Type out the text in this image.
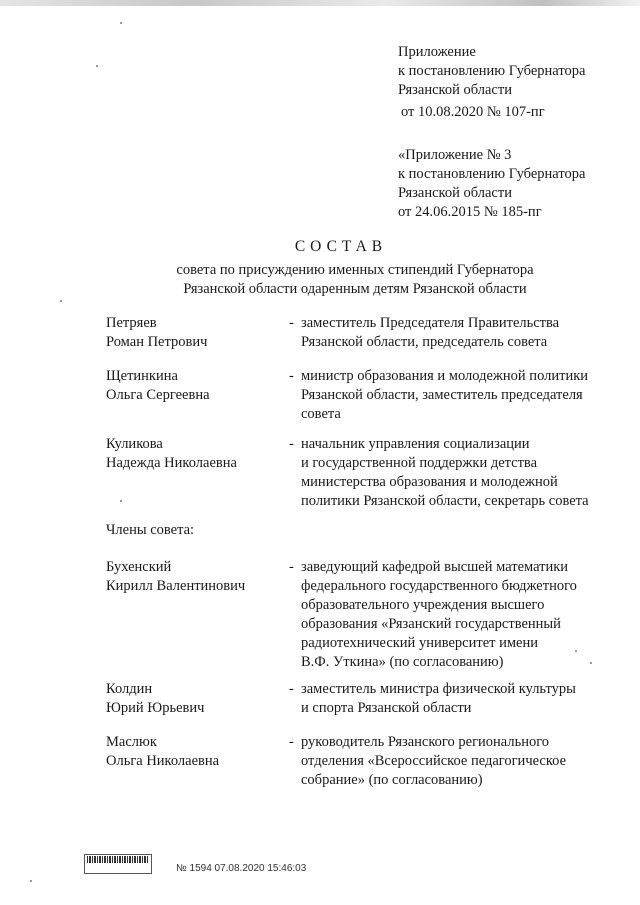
Приложение
к постановлению Губернатора
Рязанской области
от 10.08.2020 № 107-пг
«Приложение № 3
к постановлению Губернатора
Рязанской области
от 24.06.2015 № 185-пг
СОСТАВ
совета по присуждению именных стипендий Губернатора
Рязанской области одаренным детям Рязанской области
Петряев
Роман Петрович
- заместитель Председателя Правительства
Рязанской области, председатель совета
Щетинкина
Ольга Сергеевна
- министр образования и молодежной политики
Рязанской области, заместитель председателя
совета
Куликова
Надежда Николаевна
- начальник управления социализации
и государственной поддержки детства
министерства образования и молодежной
политики Рязанской области, секретарь совета
Члены совета:
Бухенский
Кирилл Валентинович
- заведующий кафедрой высшей математики
федерального государственного бюджетного
образовательного учреждения высшего
образования «Рязанский государственный
радиотехнический университет имени
В.Ф. Уткина» (по согласованию)
Колдин
Юрий Юрьевич
- заместитель министра физической культуры
и спорта Рязанской области
Маслюк
Ольга Николаевна
- руководитель Рязанского регионального
отделения «Всероссийское педагогическое
собрание» (по согласованию)
№ 1594 07.08.2020 15:46:03
